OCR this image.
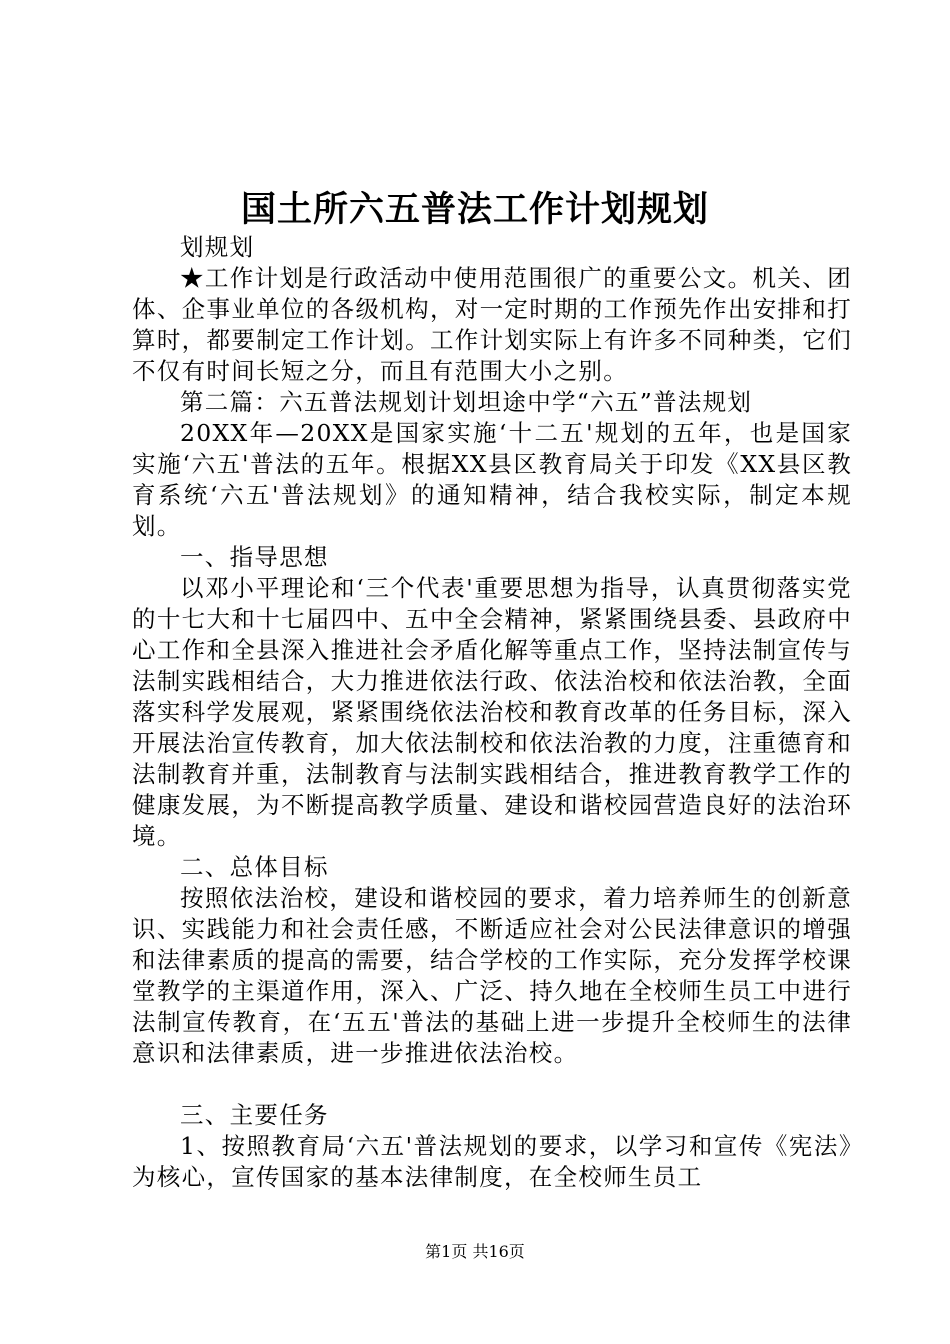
国土所六五普法工作计划规划

划规划

★工作计划是行政活动中使用范围很广的重要公文。机关、团体、企事业单位的各级机构，对一定时期的工作预先作出安排和打算时，都要制定工作计划。工作计划实际上有许多不同种类，它们不仅有时间长短之分，而且有范围大小之别。

第二篇：六五普法规划计划坦途中学“六五”普法规划

20XX年—20XX是国家实施‘十二五'规划的五年，也是国家实施‘六五'普法的五年。根据XX县区教育局关于印发《XX县区教育系统‘六五'普法规划》的通知精神，结合我校实际，制定本规划。

一、指导思想

以邓小平理论和‘三个代表'重要思想为指导，认真贯彻落实党的十七大和十七届四中、五中全会精神，紧紧围绕县委、县政府中心工作和全县深入推进社会矛盾化解等重点工作，坚持法制宣传与法制实践相结合，大力推进依法行政、依法治校和依法治教，全面落实科学发展观，紧紧围绕依法治校和教育改革的任务目标，深入开展法治宣传教育，加大依法制校和依法治教的力度，注重德育和法制教育并重，法制教育与法制实践相结合，推进教育教学工作的健康发展，为不断提高教学质量、建设和谐校园营造良好的法治环境。

二、总体目标

按照依法治校，建设和谐校园的要求，着力培养师生的创新意识、实践能力和社会责任感，不断适应社会对公民法律意识的增强和法律素质的提高的需要，结合学校的工作实际，充分发挥学校课堂教学的主渠道作用，深入、广泛、持久地在全校师生员工中进行法制宣传教育，在‘五五'普法的基础上进一步提升全校师生的法律意识和法律素质，进一步推进依法治校。

三、主要任务

1、按照教育局‘六五'普法规划的要求，以学习和宣传《宪法》为核心，宣传国家的基本法律制度，在全校师生员工

第1页 共16页
